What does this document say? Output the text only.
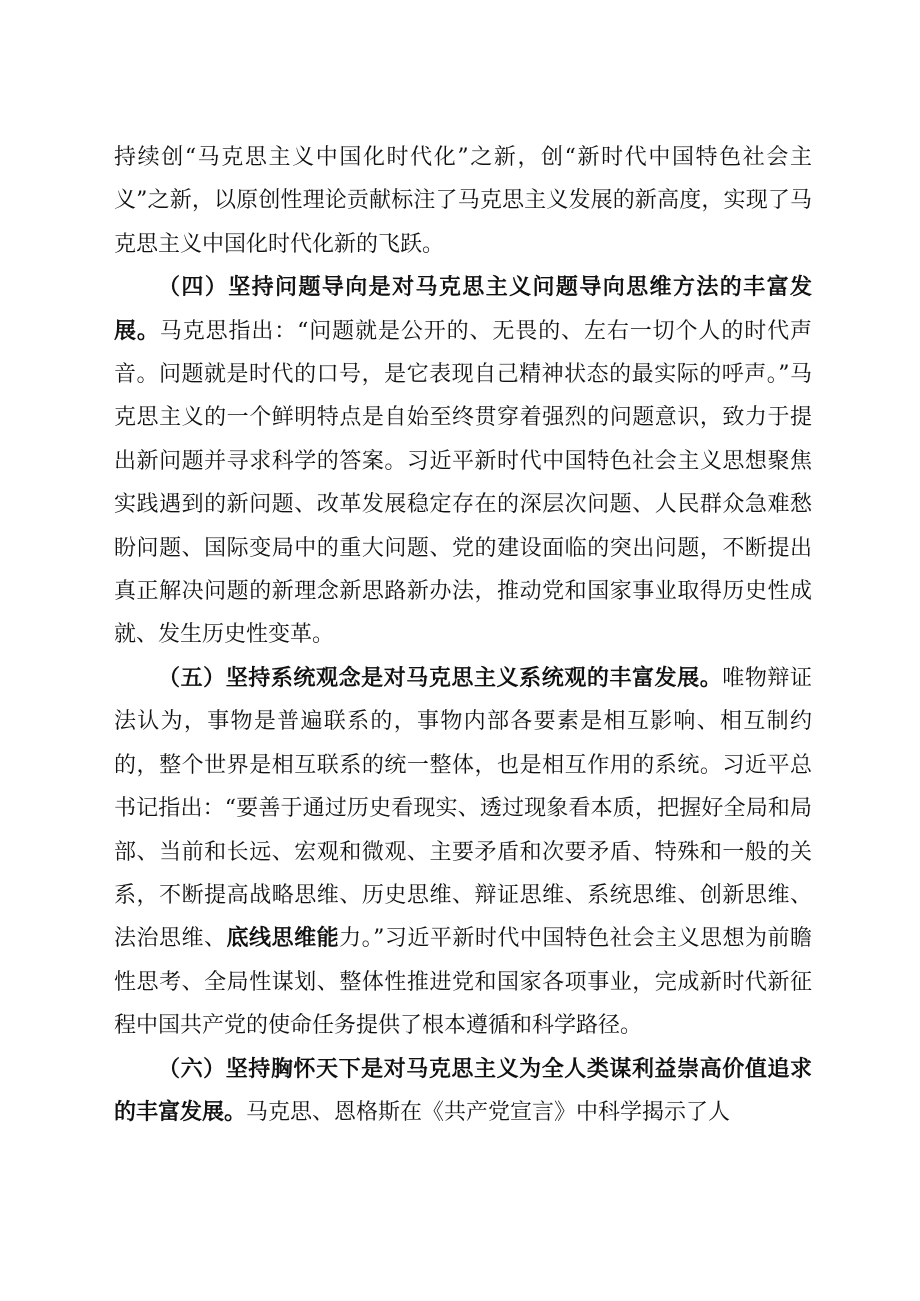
持续创“马克思主义中国化时代化”之新，创“新时代中国特色社会主义”之新，以原创性理论贡献标注了马克思主义发展的新高度，实现了马克思主义中国化时代化新的飞跃。

（四）坚持问题导向是对马克思主义问题导向思维方法的丰富发展。马克思指出：“问题就是公开的、无畏的、左右一切个人的时代声音。问题就是时代的口号，是它表现自己精神状态的最实际的呼声。”马克思主义的一个鲜明特点是自始至终贯穿着强烈的问题意识，致力于提出新问题并寻求科学的答案。习近平新时代中国特色社会主义思想聚焦实践遇到的新问题、改革发展稳定存在的深层次问题、人民群众急难愁盼问题、国际变局中的重大问题、党的建设面临的突出问题，不断提出真正解决问题的新理念新思路新办法，推动党和国家事业取得历史性成就、发生历史性变革。

（五）坚持系统观念是对马克思主义系统观的丰富发展。唯物辩证法认为，事物是普遍联系的，事物内部各要素是相互影响、相互制约的，整个世界是相互联系的统一整体，也是相互作用的系统。习近平总书记指出：“要善于通过历史看现实、透过现象看本质，把握好全局和局部、当前和长远、宏观和微观、主要矛盾和次要矛盾、特殊和一般的关系，不断提高战略思维、历史思维、辩证思维、系统思维、创新思维、法治思维、底线思维能力。”习近平新时代中国特色社会主义思想为前瞻性思考、全局性谋划、整体性推进党和国家各项事业，完成新时代新征程中国共产党的使命任务提供了根本遵循和科学路径。

（六）坚持胸怀天下是对马克思主义为全人类谋利益崇高价值追求的丰富发展。马克思、恩格斯在《共产党宣言》中科学揭示了人
